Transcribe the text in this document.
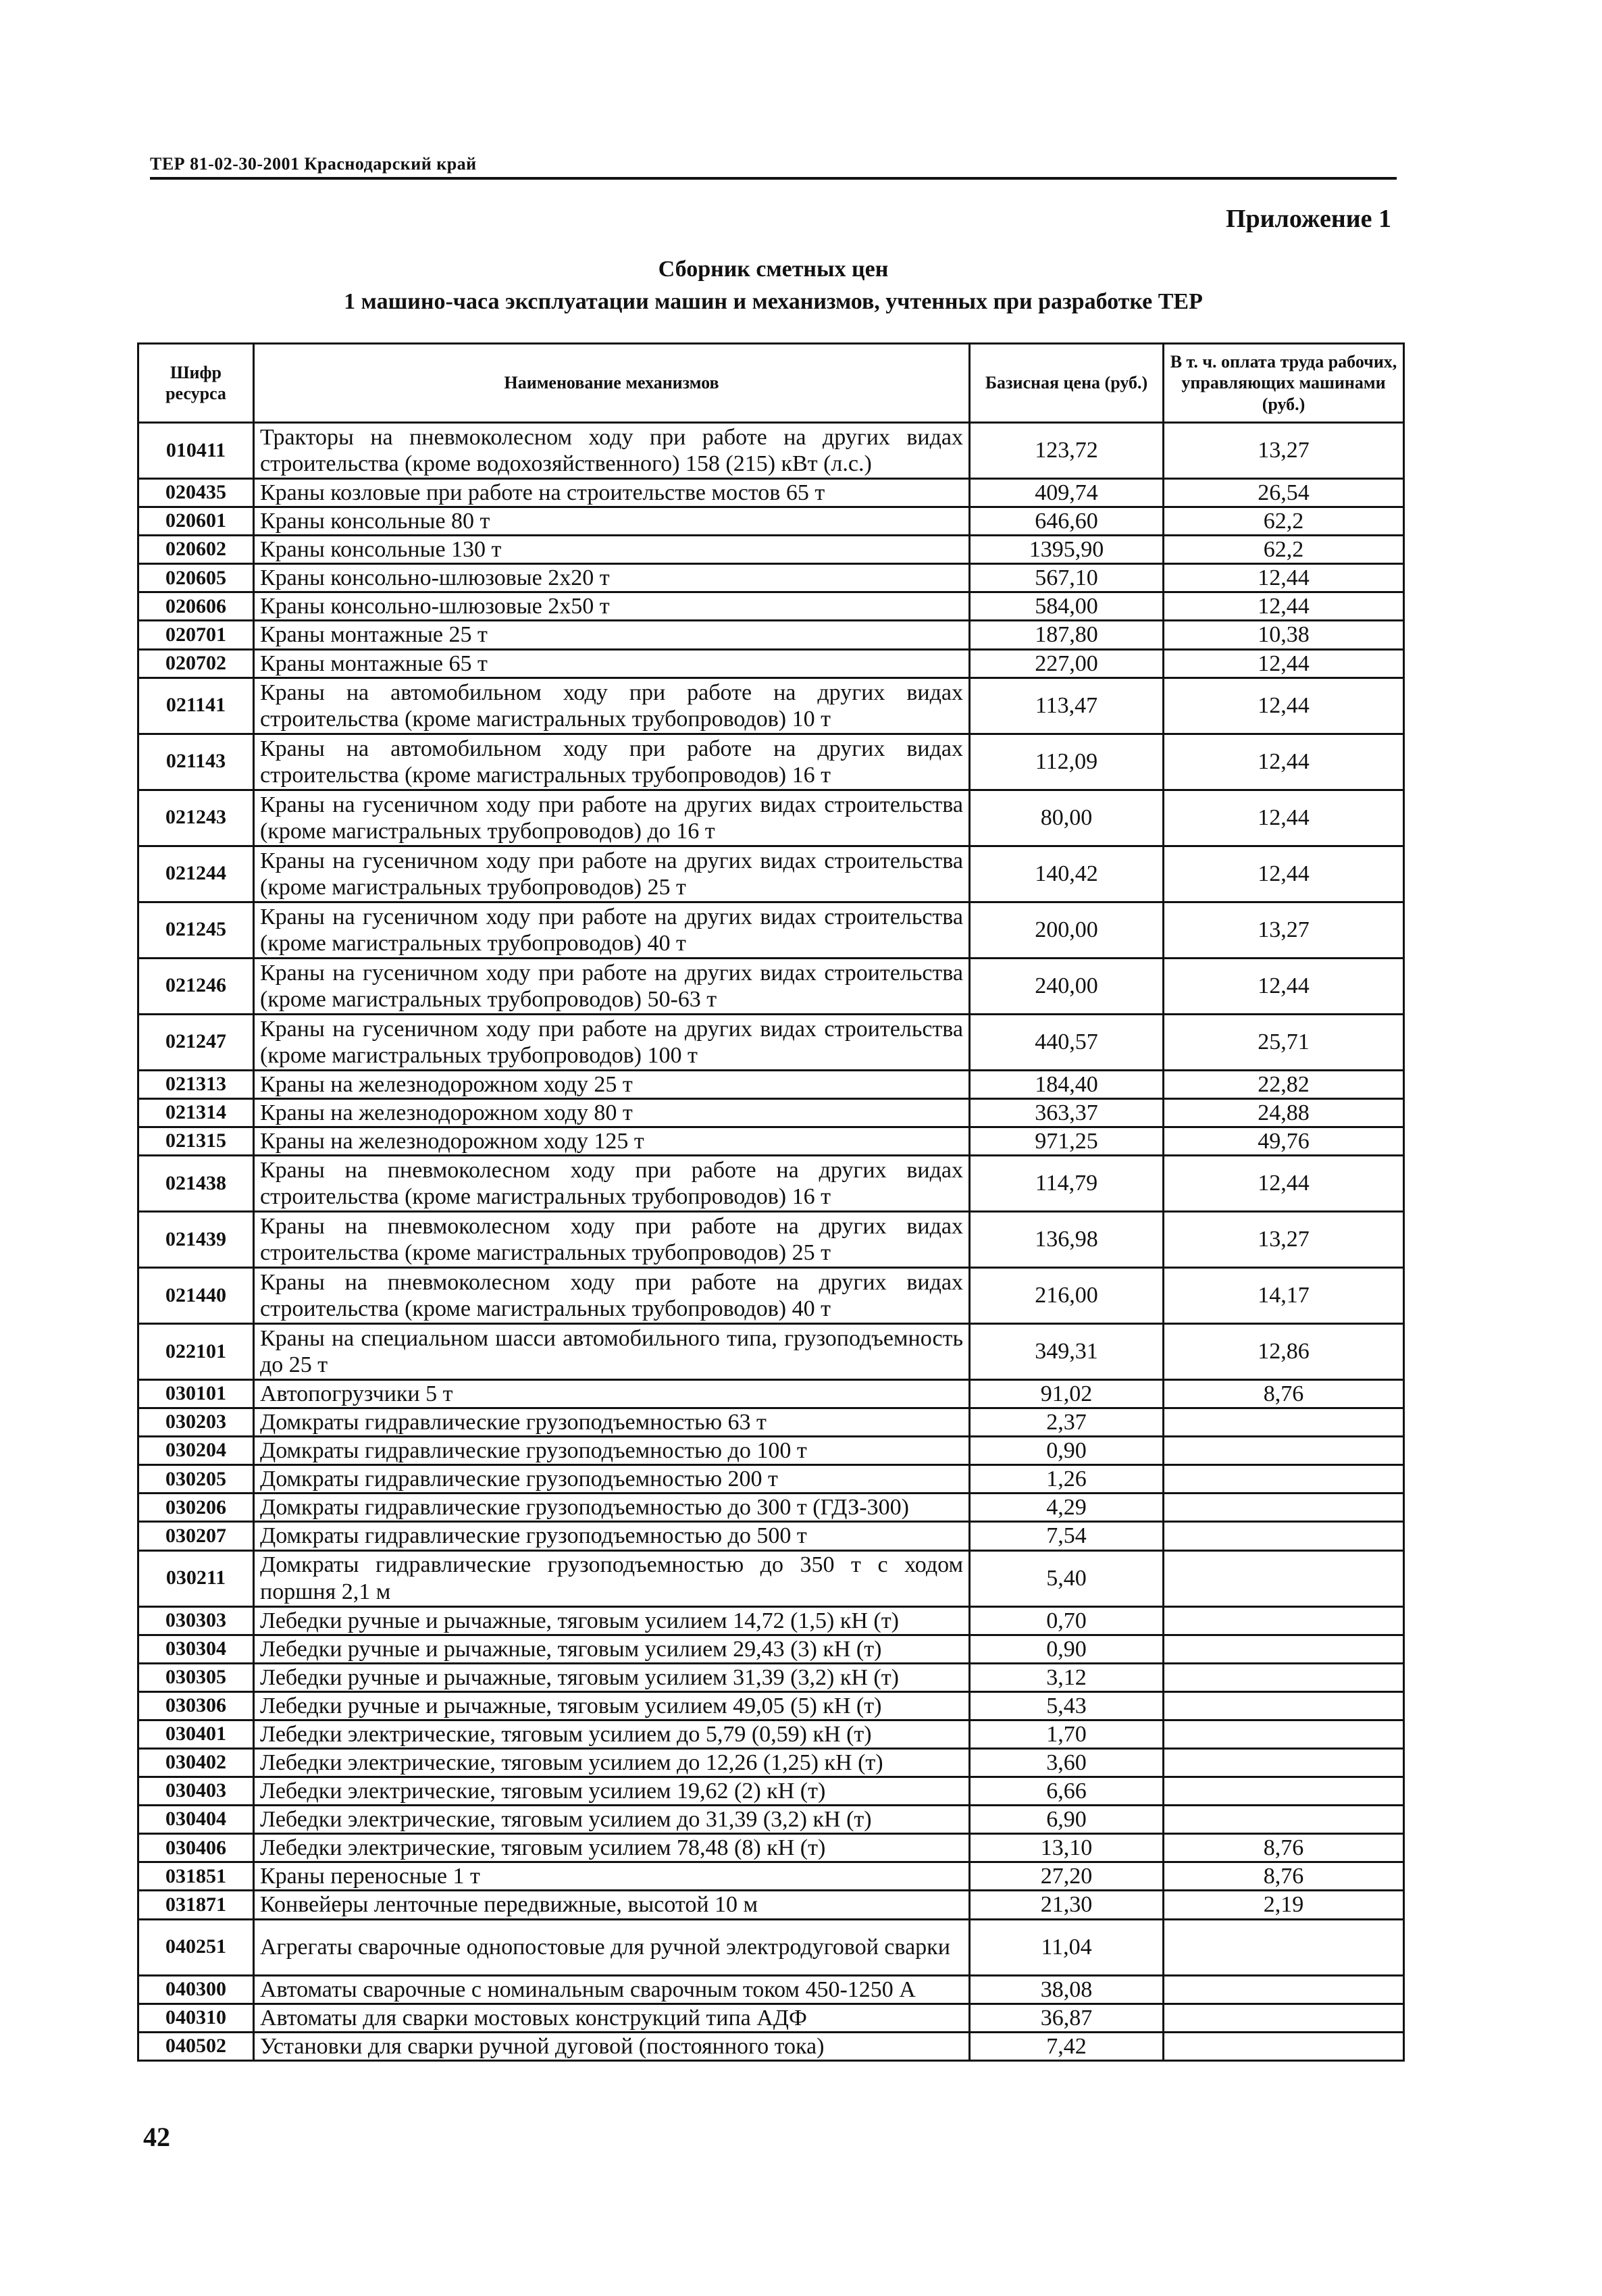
ТЕР 81-02-30-2001 Краснодарский край
Приложение 1
Сборник сметных цен
1 машино-часа эксплуатации машин и механизмов, учтенных при разработке ТЕР
Шифр ресурса	Наименование механизмов	Базисная цена (руб.)	В т. ч. оплата труда рабочих, управляющих машинами (руб.)
010411	Тракторы на пневмоколесном ходу при работе на других видах строительства (кроме водохозяйственного) 158 (215) кВт (л.с.)	123,72	13,27
020435	Краны козловые при работе на строительстве мостов 65 т	409,74	26,54
020601	Краны консольные 80 т	646,60	62,2
020602	Краны консольные 130 т	1395,90	62,2
020605	Краны консольно-шлюзовые 2х20 т	567,10	12,44
020606	Краны консольно-шлюзовые 2х50 т	584,00	12,44
020701	Краны монтажные 25 т	187,80	10,38
020702	Краны монтажные 65 т	227,00	12,44
021141	Краны на автомобильном ходу при работе на других видах строительства (кроме магистральных трубопроводов) 10 т	113,47	12,44
021143	Краны на автомобильном ходу при работе на других видах строительства (кроме магистральных трубопроводов) 16 т	112,09	12,44
021243	Краны на гусеничном ходу при работе на других видах строительства (кроме магистральных трубопроводов) до 16 т	80,00	12,44
021244	Краны на гусеничном ходу при работе на других видах строительства (кроме магистральных трубопроводов) 25 т	140,42	12,44
021245	Краны на гусеничном ходу при работе на других видах строительства (кроме магистральных трубопроводов) 40 т	200,00	13,27
021246	Краны на гусеничном ходу при работе на других видах строительства (кроме магистральных трубопроводов) 50-63 т	240,00	12,44
021247	Краны на гусеничном ходу при работе на других видах строительства (кроме магистральных трубопроводов) 100 т	440,57	25,71
021313	Краны на железнодорожном ходу 25 т	184,40	22,82
021314	Краны на железнодорожном ходу 80 т	363,37	24,88
021315	Краны на железнодорожном ходу 125 т	971,25	49,76
021438	Краны на пневмоколесном ходу при работе на других видах строительства (кроме магистральных трубопроводов) 16 т	114,79	12,44
021439	Краны на пневмоколесном ходу при работе на других видах строительства (кроме магистральных трубопроводов) 25 т	136,98	13,27
021440	Краны на пневмоколесном ходу при работе на других видах строительства (кроме магистральных трубопроводов) 40 т	216,00	14,17
022101	Краны на специальном шасси автомобильного типа, грузоподъемность до 25 т	349,31	12,86
030101	Автопогрузчики 5 т	91,02	8,76
030203	Домкраты гидравлические грузоподъемностью 63 т	2,37	
030204	Домкраты гидравлические грузоподъемностью до 100 т	0,90	
030205	Домкраты гидравлические грузоподъемностью 200 т	1,26	
030206	Домкраты гидравлические грузоподъемностью до 300 т (ГДЗ-300)	4,29	
030207	Домкраты гидравлические грузоподъемностью до 500 т	7,54	
030211	Домкраты гидравлические грузоподъемностью до 350 т с ходом поршня 2,1 м	5,40	
030303	Лебедки ручные и рычажные, тяговым усилием 14,72 (1,5) кН (т)	0,70	
030304	Лебедки ручные и рычажные, тяговым усилием 29,43 (3) кН (т)	0,90	
030305	Лебедки ручные и рычажные, тяговым усилием 31,39 (3,2) кН (т)	3,12	
030306	Лебедки ручные и рычажные, тяговым усилием 49,05 (5) кН (т)	5,43	
030401	Лебедки электрические, тяговым усилием до 5,79 (0,59) кН (т)	1,70	
030402	Лебедки электрические, тяговым усилием до 12,26 (1,25) кН (т)	3,60	
030403	Лебедки электрические, тяговым усилием 19,62 (2) кН (т)	6,66	
030404	Лебедки электрические, тяговым усилием до 31,39 (3,2) кН (т)	6,90	
030406	Лебедки электрические, тяговым усилием 78,48 (8) кН (т)	13,10	8,76
031851	Краны переносные 1 т	27,20	8,76
031871	Конвейеры ленточные передвижные, высотой 10 м	21,30	2,19
040251	Агрегаты сварочные однопостовые для ручной электродуговой сварки	11,04	
040300	Автоматы сварочные с номинальным сварочным током 450-1250 А	38,08	
040310	Автоматы для сварки мостовых конструкций типа АДФ	36,87	
040502	Установки для сварки ручной дуговой (постоянного тока)	7,42	
42
